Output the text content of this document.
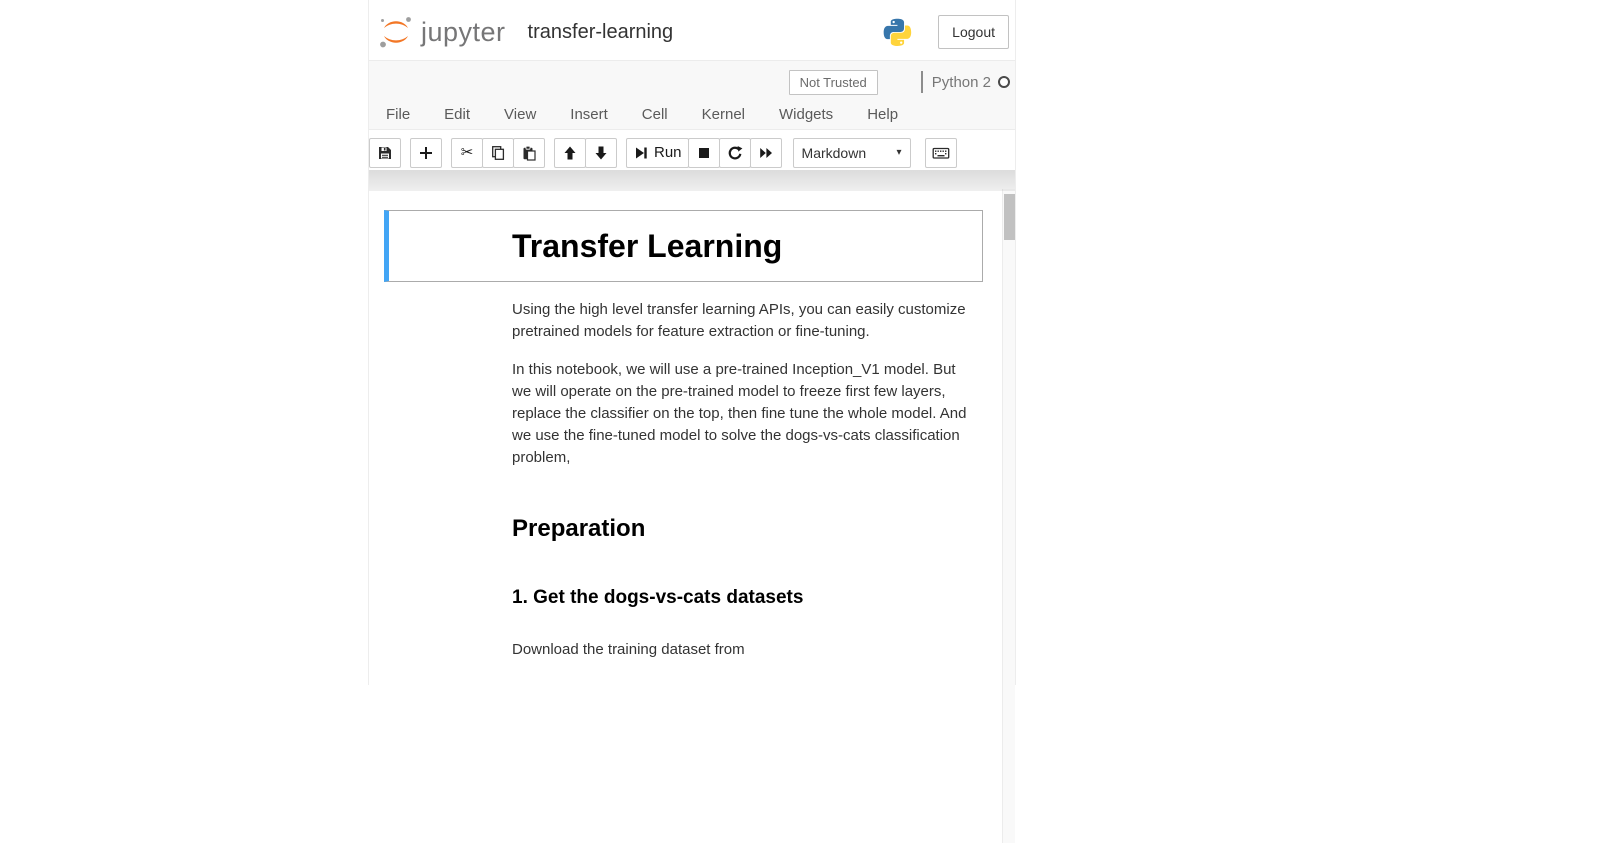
jupyter transfer-learning	Logout
Not Trusted	Python 2
File	Edit	View	Insert	Cell	Kernel	Widgets	Help
✂	Run	Markdown	▾
Transfer Learning

Using the high level transfer learning APIs, you can easily customize pretrained models for feature extraction or fine-tuning.

In this notebook, we will use a pre-trained Inception_V1 model. But we will operate on the pre-trained model to freeze first few layers, replace the classifier on the top, then fine tune the whole model. And we use the fine-tuned model to solve the dogs-vs-cats classification problem,

Preparation
1. Get the dogs-vs-cats datasets

Download the training dataset from
